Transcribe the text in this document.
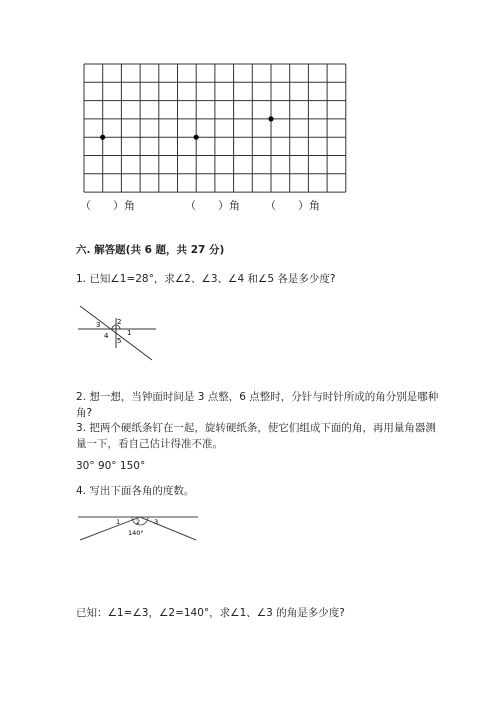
（　　）角	（　　）角 （　　）角
六. 解答题(共 6 题，共 27 分)
1. 已知∠1=28°，求∠2、∠3、∠4 和∠5 各是多少度?
3 2
4	1
5
2. 想一想，当钟面时间是 3 点整，6 点整时，分针与时针所成的角分别是哪种
角?
3. 把两个硬纸条钉在一起，旋转硬纸条，使它们组成下面的角，再用量角器测
量一下，看自己估计得准不准。
30° 90° 150°
4. 写出下面各角的度数。
1 2 3
140°
已知：∠1=∠3，∠2=140°，求∠1、∠3 的角是多少度?
